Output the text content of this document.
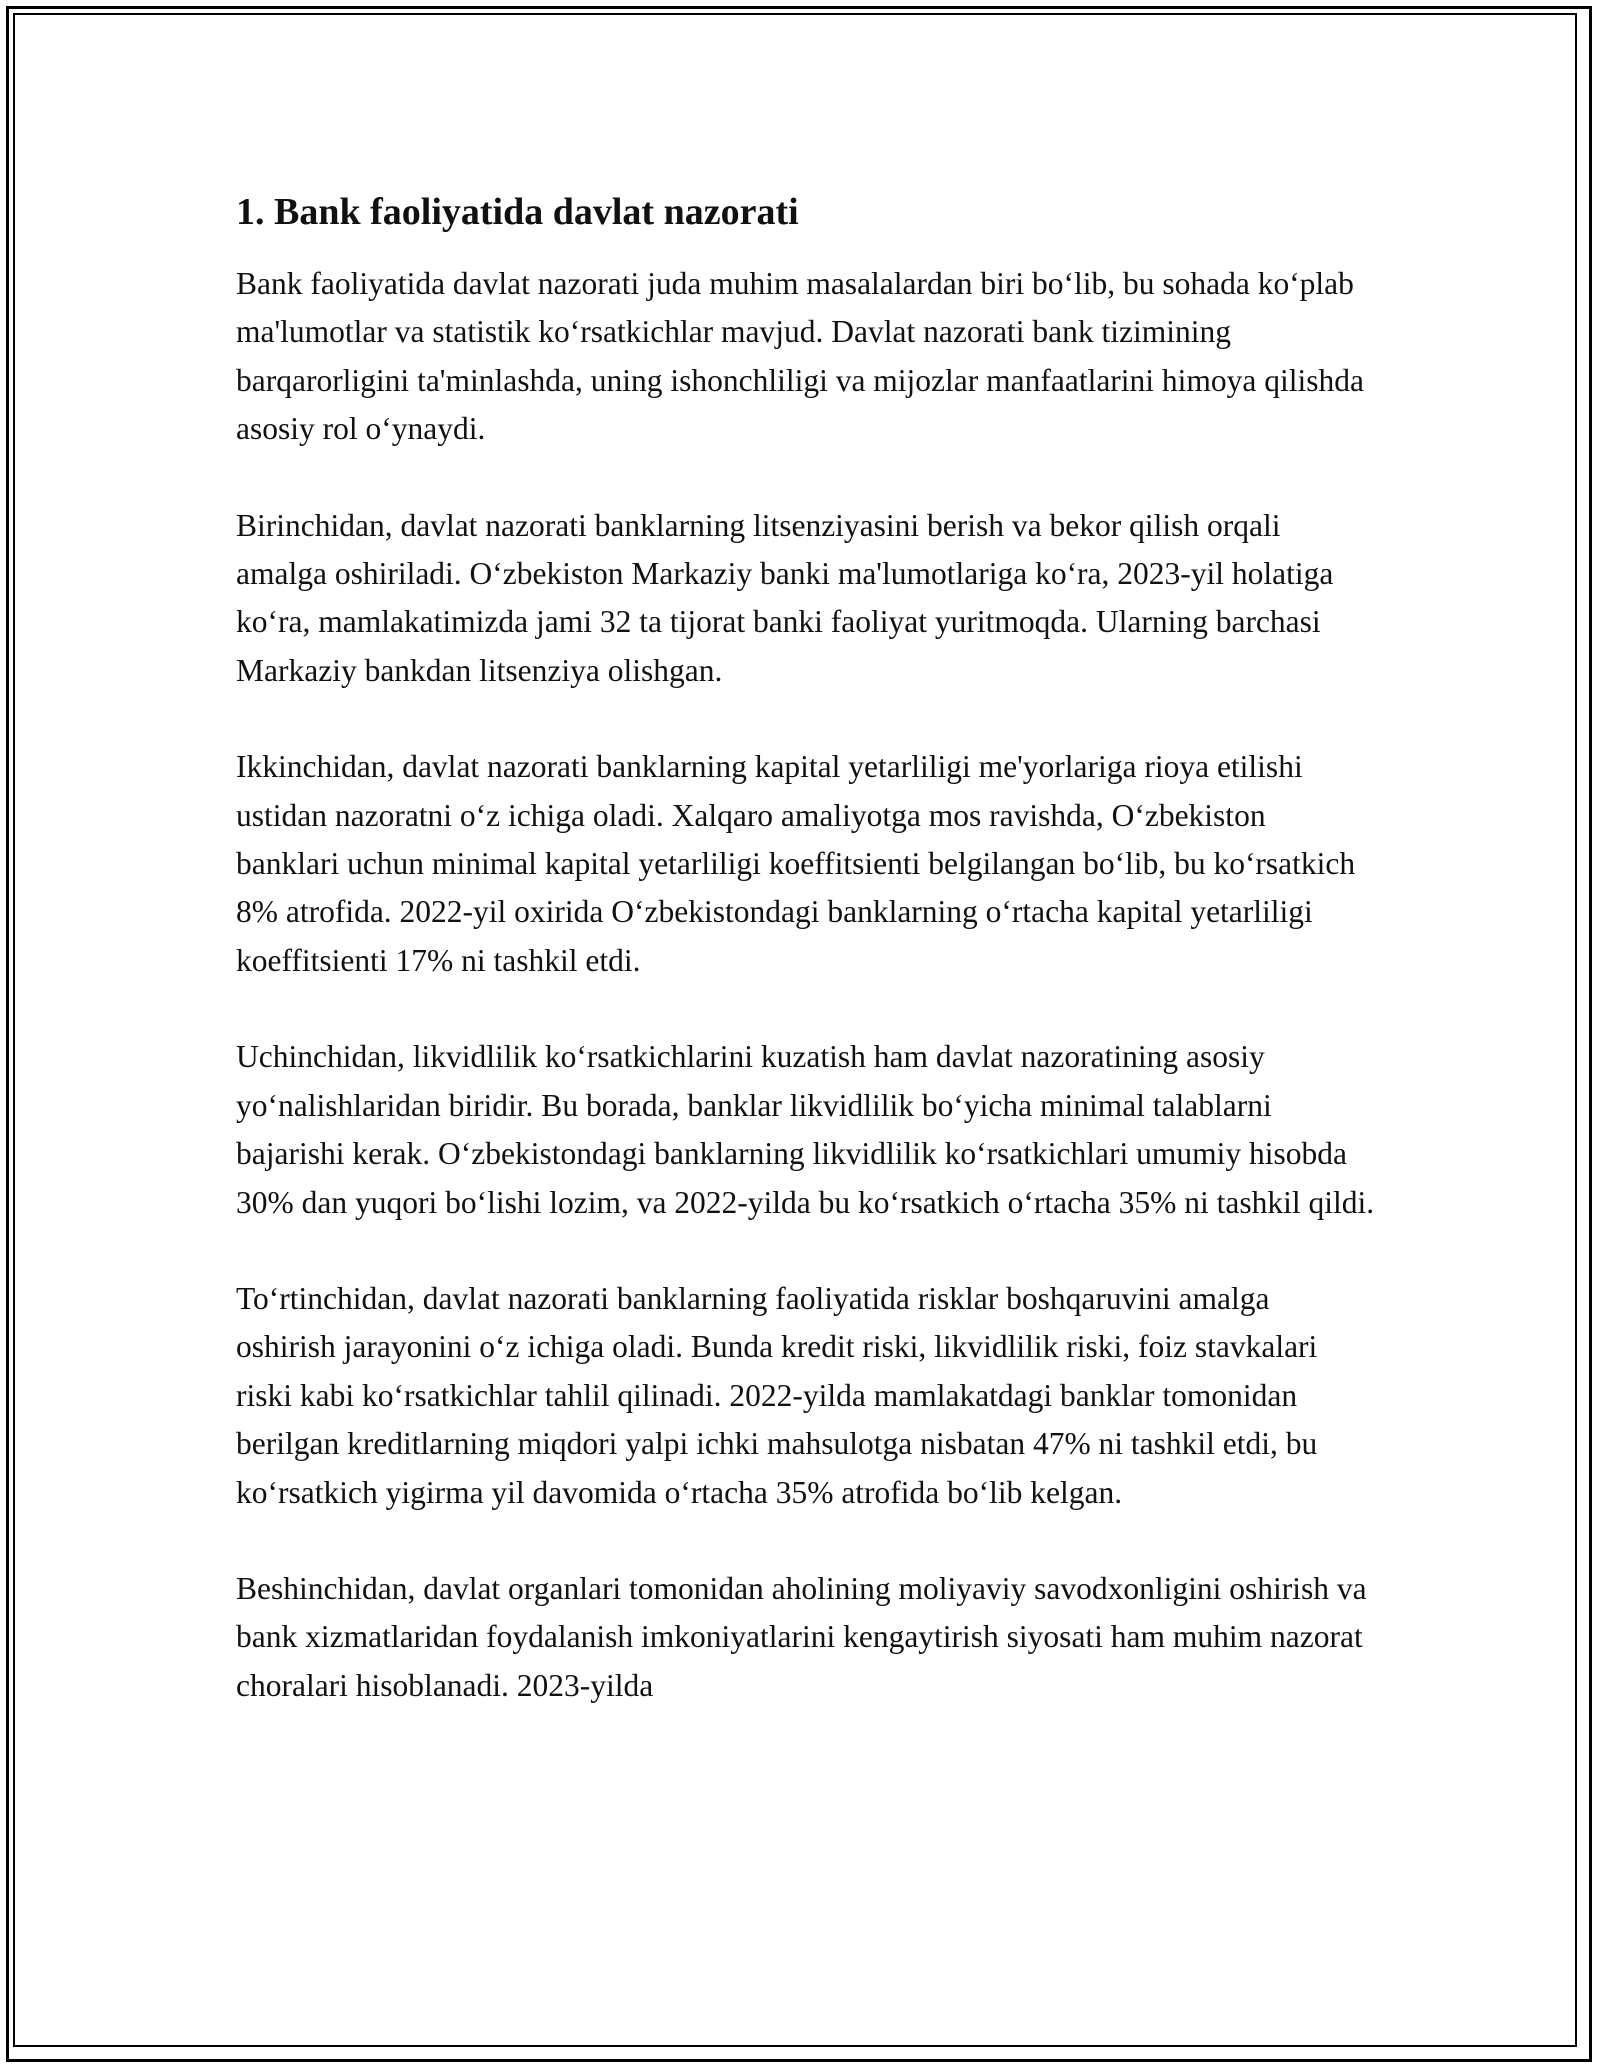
1. Bank faoliyatida davlat nazorati

Bank faoliyatida davlat nazorati juda muhim masalalardan biri bo‘lib, bu sohada ko‘plab ma'lumotlar va statistik ko‘rsatkichlar mavjud. Davlat nazorati bank tizimining barqarorligini ta'minlashda, uning ishonchliligi va mijozlar manfaatlarini himoya qilishda asosiy rol o‘ynaydi.

Birinchidan, davlat nazorati banklarning litsenziyasini berish va bekor qilish orqali amalga oshiriladi. O‘zbekiston Markaziy banki ma'lumotlariga ko‘ra, 2023-yil holatiga ko‘ra, mamlakatimizda jami 32 ta tijorat banki faoliyat yuritmoqda. Ularning barchasi Markaziy bankdan litsenziya olishgan.

Ikkinchidan, davlat nazorati banklarning kapital yetarliligi me'yorlariga rioya etilishi ustidan nazoratni o‘z ichiga oladi. Xalqaro amaliyotga mos ravishda, O‘zbekiston banklari uchun minimal kapital yetarliligi koeffitsienti belgilangan bo‘lib, bu ko‘rsatkich 8% atrofida. 2022-yil oxirida O‘zbekistondagi banklarning o‘rtacha kapital yetarliligi koeffitsienti 17% ni tashkil etdi.

Uchinchidan, likvidlilik ko‘rsatkichlarini kuzatish ham davlat nazoratining asosiy yo‘nalishlaridan biridir. Bu borada, banklar likvidlilik bo‘yicha minimal talablarni bajarishi kerak. O‘zbekistondagi banklarning likvidlilik ko‘rsatkichlari umumiy hisobda 30% dan yuqori bo‘lishi lozim, va 2022-yilda bu ko‘rsatkich o‘rtacha 35% ni tashkil qildi.

To‘rtinchidan, davlat nazorati banklarning faoliyatida risklar boshqaruvini amalga oshirish jarayonini o‘z ichiga oladi. Bunda kredit riski, likvidlilik riski, foiz stavkalari riski kabi ko‘rsatkichlar tahlil qilinadi. 2022-yilda mamlakatdagi banklar tomonidan berilgan kreditlarning miqdori yalpi ichki mahsulotga nisbatan 47% ni tashkil etdi, bu ko‘rsatkich yigirma yil davomida o‘rtacha 35% atrofida bo‘lib kelgan.

Beshinchidan, davlat organlari tomonidan aholining moliyaviy savodxonligini oshirish va bank xizmatlaridan foydalanish imkoniyatlarini kengaytirish siyosati ham muhim nazorat choralari hisoblanadi. 2023-yilda
